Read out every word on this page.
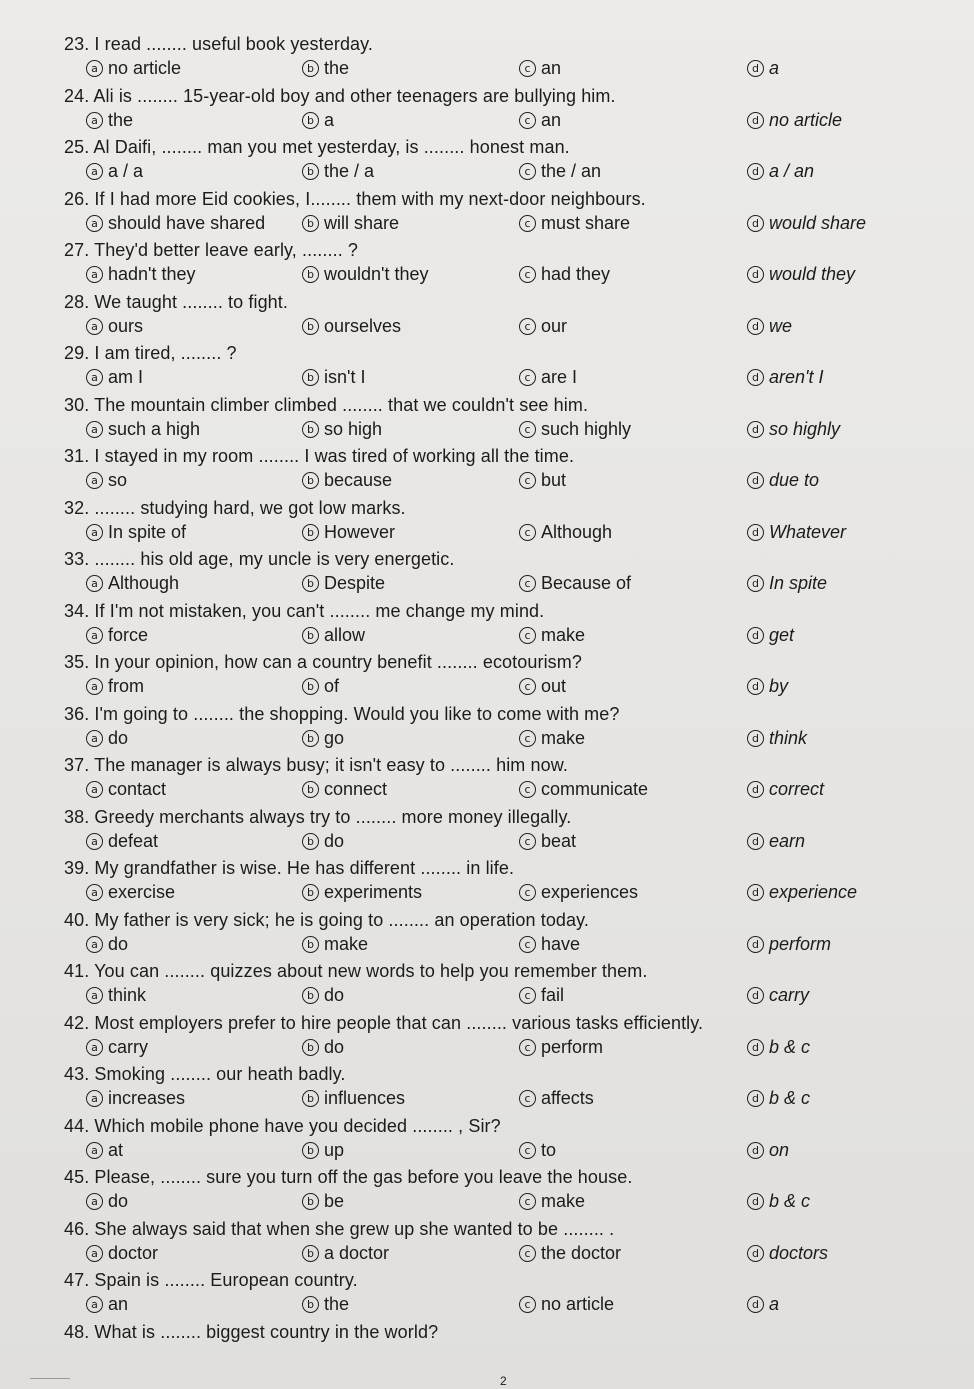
23. I read ........ useful book yesterday.
a no article	b the	c an	d a
24. Ali is ........ 15-year-old boy and other teenagers are bullying him.
a the	b a	c an	d no article
25. Al Daifi, ........ man you met yesterday, is ........ honest man.
a a / a	b the / a	c the / an	d a / an
26. If I had more Eid cookies, I........ them with my next-door neighbours.
a should have shared	b will share	c must share	d would share
27. They'd better leave early, ........ ?
a hadn't they	b wouldn't they	c had they	d would they
28. We taught ........ to fight.
a ours	b ourselves	c our	d we
29. I am tired, ........ ?
a am I	b isn't I	c are I	d aren't I
30. The mountain climber climbed ........ that we couldn't see him.
a such a high	b so high	c such highly	d so highly
31. I stayed in my room ........ I was tired of working all the time.
a so	b because	c but	d due to
32. ........ studying hard, we got low marks.
a In spite of	b However	c Although	d Whatever
33. ........ his old age, my uncle is very energetic.
a Although	b Despite	c Because of	d In spite
34. If I'm not mistaken, you can't ........ me change my mind.
a force	b allow	c make	d get
35. In your opinion, how can a country benefit ........ ecotourism?
a from	b of	c out	d by
36. I'm going to ........ the shopping. Would you like to come with me?
a do	b go	c make	d think
37. The manager is always busy; it isn't easy to ........ him now.
a contact	b connect	c communicate	d correct
38. Greedy merchants always try to ........ more money illegally.
a defeat	b do	c beat	d earn
39. My grandfather is wise. He has different ........ in life.
a exercise	b experiments	c experiences	d experience
40. My father is very sick; he is going to ........ an operation today.
a do	b make	c have	d perform
41. You can ........ quizzes about new words to help you remember them.
a think	b do	c fail	d carry
42. Most employers prefer to hire people that can ........ various tasks efficiently.
a carry	b do	c perform	d b & c
43. Smoking ........ our heath badly.
a increases	b influences	c affects	d b & c
44. Which mobile phone have you decided ........ , Sir?
a at	b up	c to	d on
45. Please, ........ sure you turn off the gas before you leave the house.
a do	b be	c make	d b & c
46. She always said that when she grew up she wanted to be ........ .
a doctor	b a doctor	c the doctor	d doctors
47. Spain is ........ European country.
a an	b the	c no article	d a
48. What is ........ biggest country in the world?
2
